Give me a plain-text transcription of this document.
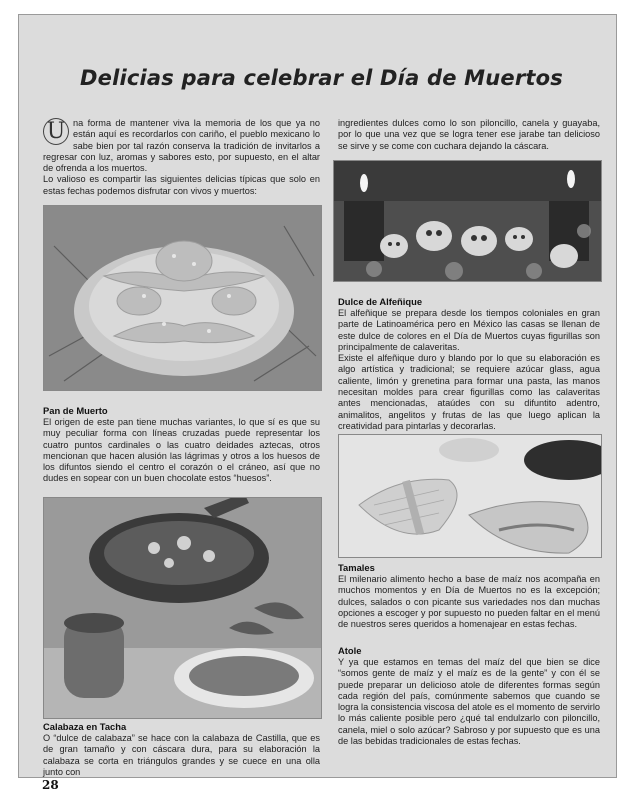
Delicias para celebrar el Día de Muertos

U na forma de mantener viva la memoria de los que ya no están aquí es recordarlos con cariño, el pueblo mexicano lo sabe bien por tal razón conserva la tradición de invitarlos a regresar con luz, aromas y sabores esto, por supuesto, en el altar de ofrenda a los muertos.

Lo valioso es compartir las siguientes delicias típicas que solo en estas fechas podemos disfrutar con vivos y muertos:

Pan de Muerto

El origen de este pan tiene muchas variantes, lo que sí es que su muy peculiar forma con líneas cruzadas puede representar los cuatro puntos cardinales o las cuatro deidades aztecas, otros mencionan que hacen alusión las lágrimas y otros a los huesos de los difuntos siendo el centro el corazón o el cráneo, así que no dudes en sopear con un buen chocolate estos “huesos”.

Calabaza en Tacha

O “dulce de calabaza” se hace con la calabaza de Castilla, que es de gran tamaño y con cáscara dura, para su elaboración la calabaza se corta en triángulos grandes y se cuece en una olla junto con

ingredientes dulces como lo son piloncillo, canela y guayaba, por lo que una vez que se logra tener ese jarabe tan delicioso se sirve y se come con cuchara dejando la cáscara.

Dulce de Alfeñique

El alfeñique se prepara desde los tiempos coloniales en gran parte de Latinoamérica pero en México las casas se llenan de este dulce de colores en el Día de Muertos cuyas figurillas son principalmente de calaveritas.

Existe el alfeñique duro y blando por lo que su elaboración es algo artística y tradicional; se requiere azúcar glass, agua caliente, limón y grenetina para formar una pasta, las manos necesitan moldes para crear figurillas como las calaveritas antes mencionadas, ataúdes con su difuntito adentro, animalitos, angelitos y frutas de las que luego aplican la creatividad para pintarlas y decorarlas.

Tamales

El milenario alimento hecho a base de maíz nos acompaña en muchos momentos y en Día de Muertos no es la excepción; dulces, salados o con picante sus variedades nos dan muchas opciones a escoger y por supuesto no pueden faltar en el menú de nuestros seres queridos a homenajear en estas fechas.

Atole

Y ya que estamos en temas del maíz del que bien se dice “somos gente de maíz y el maíz es de la gente” y con él se puede preparar un delicioso atole de diferentes formas según cada región del país, comúnmente sabemos que cuando se logra la consistencia viscosa del atole es el momento de servirlo lo más caliente posible pero ¿qué tal endulzarlo con piloncillo, canela, miel o solo azúcar? Sabroso y por supuesto que es una de las bebidas tradicionales de estas fechas.

28
